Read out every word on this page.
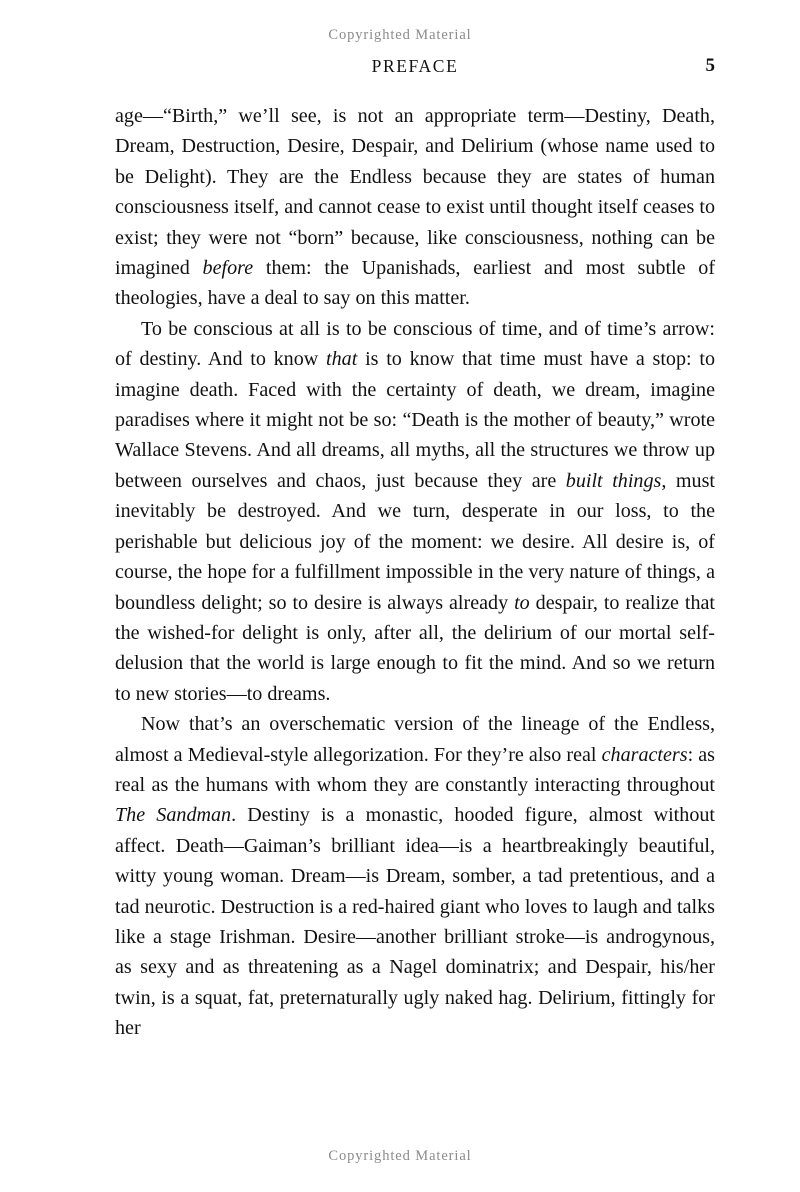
Copyrighted Material
PREFACE	5

age—“Birth,” we’ll see, is not an appropriate term—Destiny, Death, Dream, Destruction, Desire, Despair, and Delirium (whose name used to be Delight). They are the Endless because they are states of human consciousness itself, and cannot cease to exist until thought itself ceases to exist; they were not “born” because, like consciousness, nothing can be imagined before them: the Upanishads, earliest and most subtle of theologies, have a deal to say on this matter.

To be conscious at all is to be conscious of time, and of time’s arrow: of destiny. And to know that is to know that time must have a stop: to imagine death. Faced with the certainty of death, we dream, imagine paradises where it might not be so: “Death is the mother of beauty,” wrote Wallace Stevens. And all dreams, all myths, all the structures we throw up between ourselves and chaos, just because they are built things, must inevitably be destroyed. And we turn, desperate in our loss, to the perishable but delicious joy of the moment: we desire. All desire is, of course, the hope for a fulfillment impossible in the very nature of things, a boundless delight; so to desire is always already to despair, to realize that the wished-for delight is only, after all, the delirium of our mortal self-delusion that the world is large enough to fit the mind. And so we return to new stories—to dreams.

Now that’s an overschematic version of the lineage of the Endless, almost a Medieval-style allegorization. For they’re also real characters: as real as the humans with whom they are constantly interacting throughout The Sandman. Destiny is a monastic, hooded figure, almost without affect. Death—Gaiman’s brilliant idea—is a heartbreakingly beautiful, witty young woman. Dream—is Dream, somber, a tad pretentious, and a tad neurotic. Destruction is a red-haired giant who loves to laugh and talks like a stage Irishman. Desire—another brilliant stroke—is androgynous, as sexy and as threatening as a Nagel dominatrix; and Despair, his/her twin, is a squat, fat, preternaturally ugly naked hag. Delirium, fittingly for her

Copyrighted Material
